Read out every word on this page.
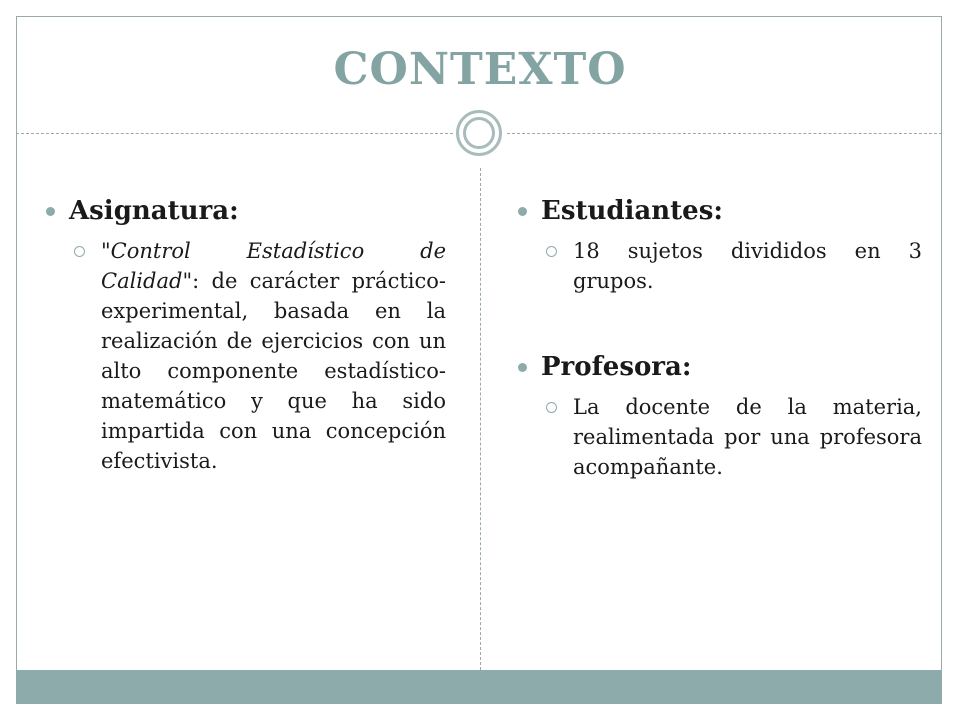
CONTEXTO
Asignatura:
"Control Estadístico de Calidad": de carácter práctico-experimental, basada en la realización de ejercicios con un alto componente estadístico-matemático y que ha sido impartida con una concepción efectivista.
Estudiantes:
18 sujetos divididos en 3 grupos.
Profesora:
La docente de la materia, realimentada por una profesora acompañante.
